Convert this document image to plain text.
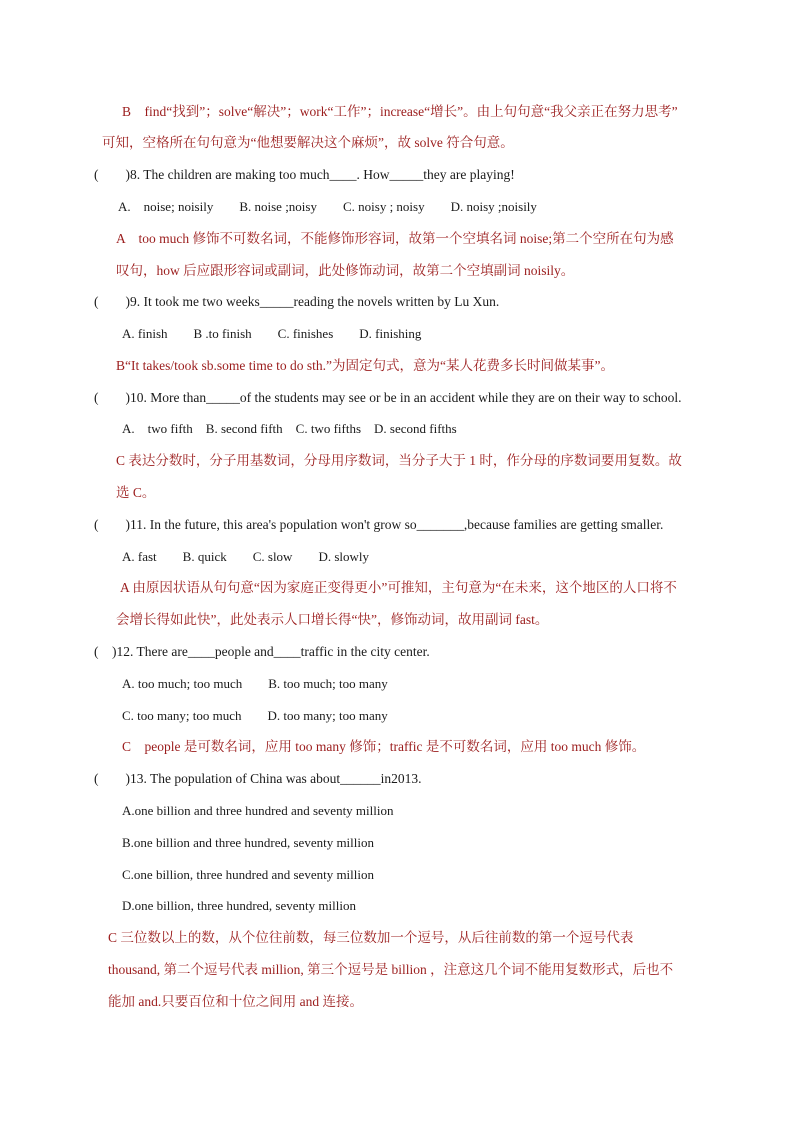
B　find“找到”；solve“解决”；work“工作”；increase“增长”。由上句句意“我父亲正在努力思考”
可知，空格所在句句意为“他想要解决这个麻烦”，故 solve 符合句意。
(　　)8. The children are making too much____. How_____they are playing!
A.　noise; noisily　　B. noise ;noisy　　C. noisy ; noisy　　D. noisy ;noisily
A　too much 修饰不可数名词，不能修饰形容词，故第一个空填名词 noise;第二个空所在句为感
叹句，how 后应跟形容词或副词，此处修饰动词，故第二个空填副词 noisily。
(　　)9. It took me two weeks_____reading the novels written by Lu Xun.
A. finish　　B .to finish　　C. finishes　　D. finishing
B“It takes/took sb.some time to do sth.”为固定句式，意为“某人花费多长时间做某事”。
(　　)10. More than_____of the students may see or be in an accident while they are on their way to school.
A.　two fifth　B. second fifth　C. two fifths　D. second fifths
C 表达分数时，分子用基数词，分母用序数词，当分子大于 1 时，作分母的序数词要用复数。故
选 C。
(　　)11. In the future, this area's population won't grow so_______,because families are getting smaller.
A. fast　　B. quick　　C. slow　　D. slowly
A 由原因状语从句句意“因为家庭正变得更小”可推知，主句意为“在未来，这个地区的人口将不
会增长得如此快”，此处表示人口增长得“快”，修饰动词，故用副词 fast。
(　)12. There are____people and____traffic in the city center.
A. too much; too much　　B. too much; too many
C. too many; too much　　D. too many; too many
C　people 是可数名词，应用 too many 修饰；traffic 是不可数名词，应用 too much 修饰。
(　　)13. The population of China was about______in2013.
A.one billion and three hundred and seventy million
B.one billion and three hundred, seventy million
C.one billion, three hundred and seventy million
D.one billion, three hundred, seventy million
C 三位数以上的数，从个位往前数，每三位数加一个逗号，从后往前数的第一个逗号代表
thousand, 第二个逗号代表 million, 第三个逗号是 billion ，注意这几个词不能用复数形式，后也不
能加 and.只要百位和十位之间用 and 连接。
